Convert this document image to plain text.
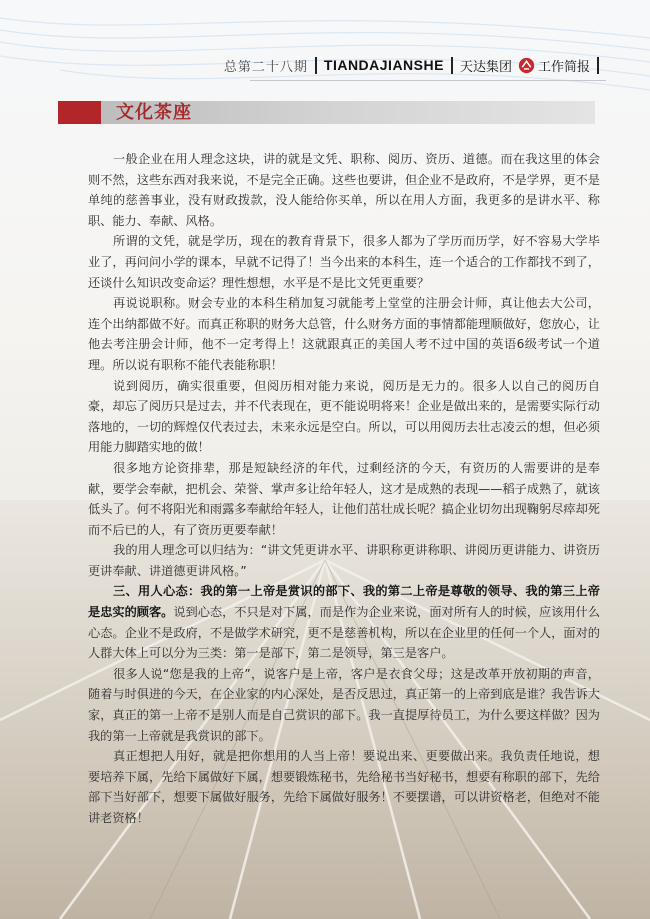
总第二十八期 TIANDAJIANSHE 天达集团 工作简报
文化茶座

一般企业在用人理念这块，讲的就是文凭、职称、阅历、资历、道德。而在我这里的体会则不然，这些东西对我来说，不是完全正确。这些也要讲，但企业不是政府，不是学界，更不是单纯的慈善事业，没有财政拨款，没人能给你买单，所以在用人方面，我更多的是讲水平、称职、能力、奉献、风格。

所谓的文凭，就是学历，现在的教育背景下，很多人都为了学历而历学，好不容易大学毕业了，再问问小学的课本，早就不记得了！当今出来的本科生，连一个适合的工作都找不到了，还谈什么知识改变命运？理性想想，水平是不是比文凭更重要？

再说说职称。财会专业的本科生稍加复习就能考上堂堂的注册会计师，真让他去大公司，连个出纳都做不好。而真正称职的财务大总管，什么财务方面的事情都能理顺做好，您放心，让他去考注册会计师，他不一定考得上！这就跟真正的美国人考不过中国的英语6级考试一个道理。所以说有职称不能代表能称职！

说到阅历，确实很重要，但阅历相对能力来说，阅历是无力的。很多人以自己的阅历自豪，却忘了阅历只是过去，并不代表现在，更不能说明将来！企业是做出来的，是需要实际行动落地的，一切的辉煌仅代表过去，未来永远是空白。所以，可以用阅历去壮志凌云的想，但必须用能力脚踏实地的做！

很多地方论资排辈，那是短缺经济的年代，过剩经济的今天，有资历的人需要讲的是奉献，要学会奉献，把机会、荣誉、掌声多让给年轻人，这才是成熟的表现——稻子成熟了，就该低头了。何不将阳光和雨露多奉献给年轻人，让他们茁壮成长呢？搞企业切勿出现鞠躬尽瘁却死而不后已的人，有了资历更要奉献！

我的用人理念可以归结为：“讲文凭更讲水平、讲职称更讲称职、讲阅历更讲能力、讲资历更讲奉献、讲道德更讲风格。”

三、用人心态：我的第一上帝是赏识的部下、我的第二上帝是尊敬的领导、我的第三上帝是忠实的顾客。说到心态，不只是对下属，而是作为企业来说，面对所有人的时候，应该用什么心态。企业不是政府，不是做学术研究，更不是慈善机构，所以在企业里的任何一个人，面对的人群大体上可以分为三类：第一是部下，第二是领导，第三是客户。

很多人说“您是我的上帝”，说客户是上帝，客户是衣食父母；这是改革开放初期的声音，随着与时俱进的今天，在企业家的内心深处，是否反思过，真正第一的上帝到底是谁？我告诉大家，真正的第一上帝不是别人而是自己赏识的部下。我一直提厚待员工，为什么要这样做？因为我的第一上帝就是我赏识的部下。

真正想把人用好，就是把你想用的人当上帝！要说出来、更要做出来。我负责任地说，想要培养下属，先给下属做好下属，想要锻炼秘书，先给秘书当好秘书，想要有称职的部下，先给部下当好部下，想要下属做好服务，先给下属做好服务！不要摆谱，可以讲资格老，但绝对不能讲老资格！
